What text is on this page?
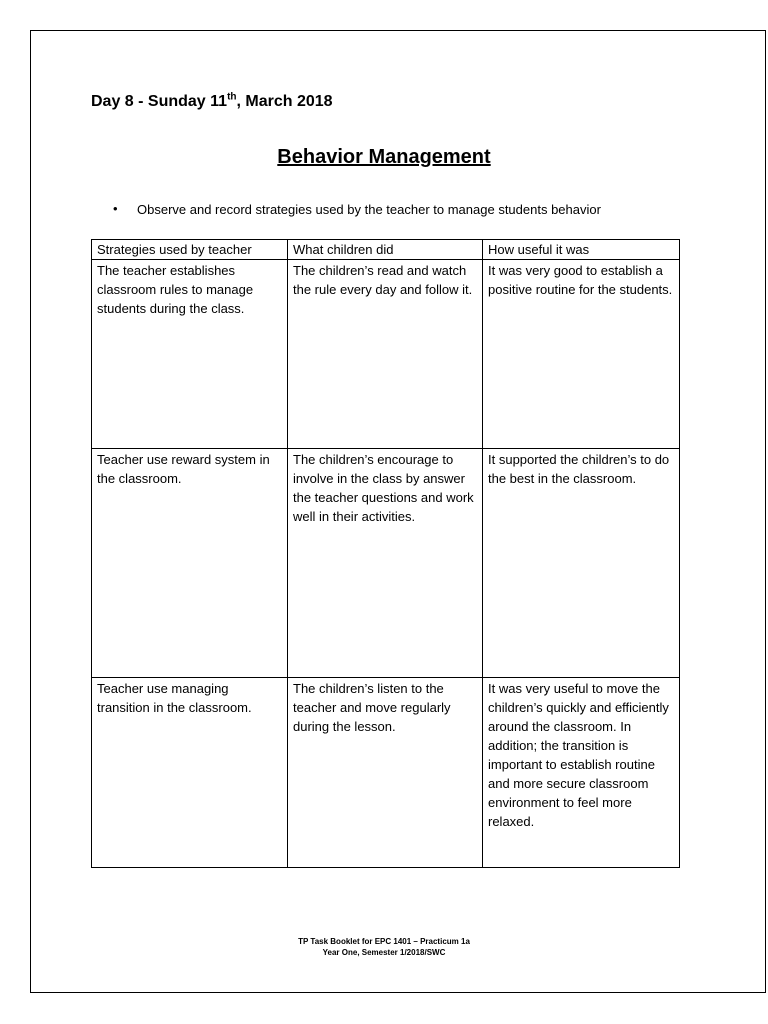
Day 8 - Sunday 11th, March 2018
Behavior Management
• Observe and record strategies used by the teacher to manage students behavior
Strategies used by teacher	What children did	How useful it was
The teacher establishes classroom rules to manage students during the class.	The children’s read and watch the rule every day and follow it.	It was very good to establish a positive routine for the students.
Teacher use reward system in the classroom.	The children’s encourage to involve in the class by answer the teacher questions and work well in their activities.	It supported the children’s to do the best in the classroom.
Teacher use managing transition in the classroom.	The children’s listen to the teacher and move regularly during the lesson.	It was very useful to move the children’s quickly and efficiently around the classroom. In addition; the transition is important to establish routine and more secure classroom environment to feel more relaxed.
TP Task Booklet for EPC 1401 – Practicum 1a
Year One, Semester 1/2018/SWC
